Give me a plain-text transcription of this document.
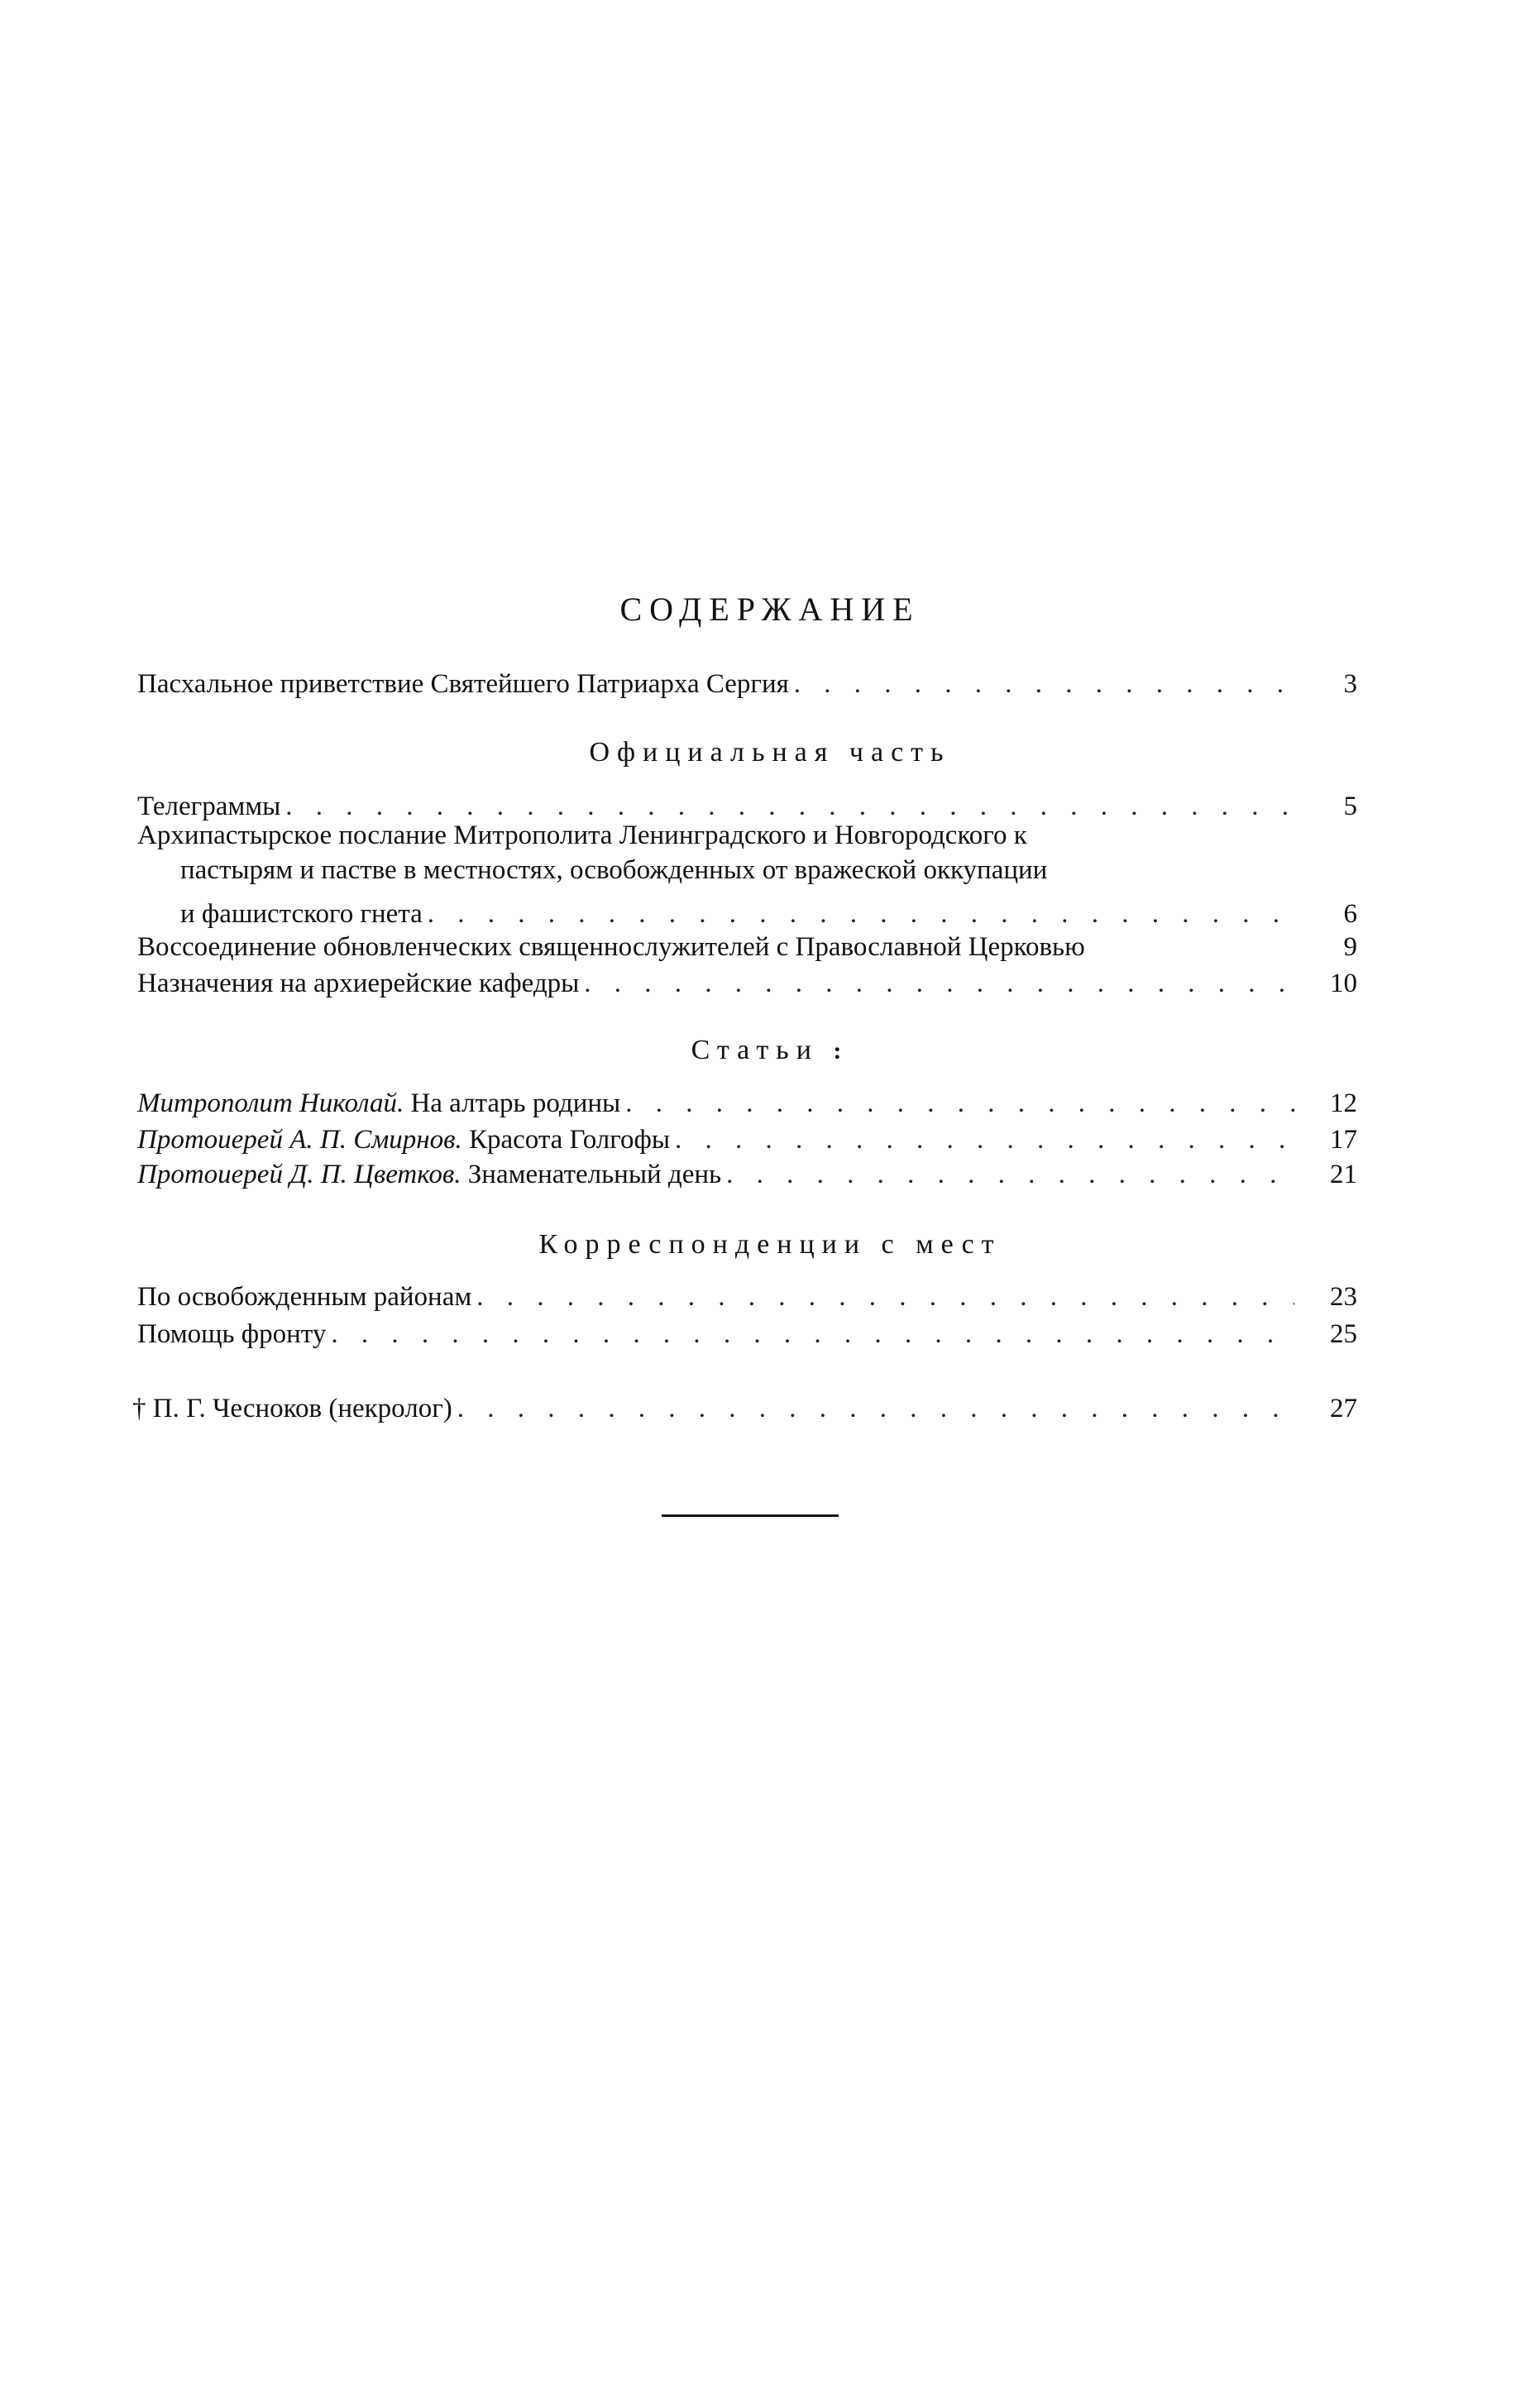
СОДЕРЖАНИЕ
Пасхальное приветствие Святейшего Патриарха Сергия . . .	3
Официальная часть
Телеграммы . . .	5
Архипастырское послание Митрополита Ленинградского и Новгородского к
пастырям и пастве в местностях, освобожденных от вражеской оккупации
и фашистского гнета . . .	6
Воссоединение обновленческих священнослужителей с Православной Церковью	9
Назначения на архиерейские кафедры . . .	10
Статьи :
Митрополит Николай. На алтарь родины . . .	12
Протоиерей А. П. Смирнов. Красота Голгофы . . .	17
Протоиерей Д. П. Цветков. Знаменательный день . . .	21
Корреспонденции с мест
По освобожденным районам . . .	23
Помощь фронту . . .	25
† П. Г. Чесноков (некролог) . . .	27
